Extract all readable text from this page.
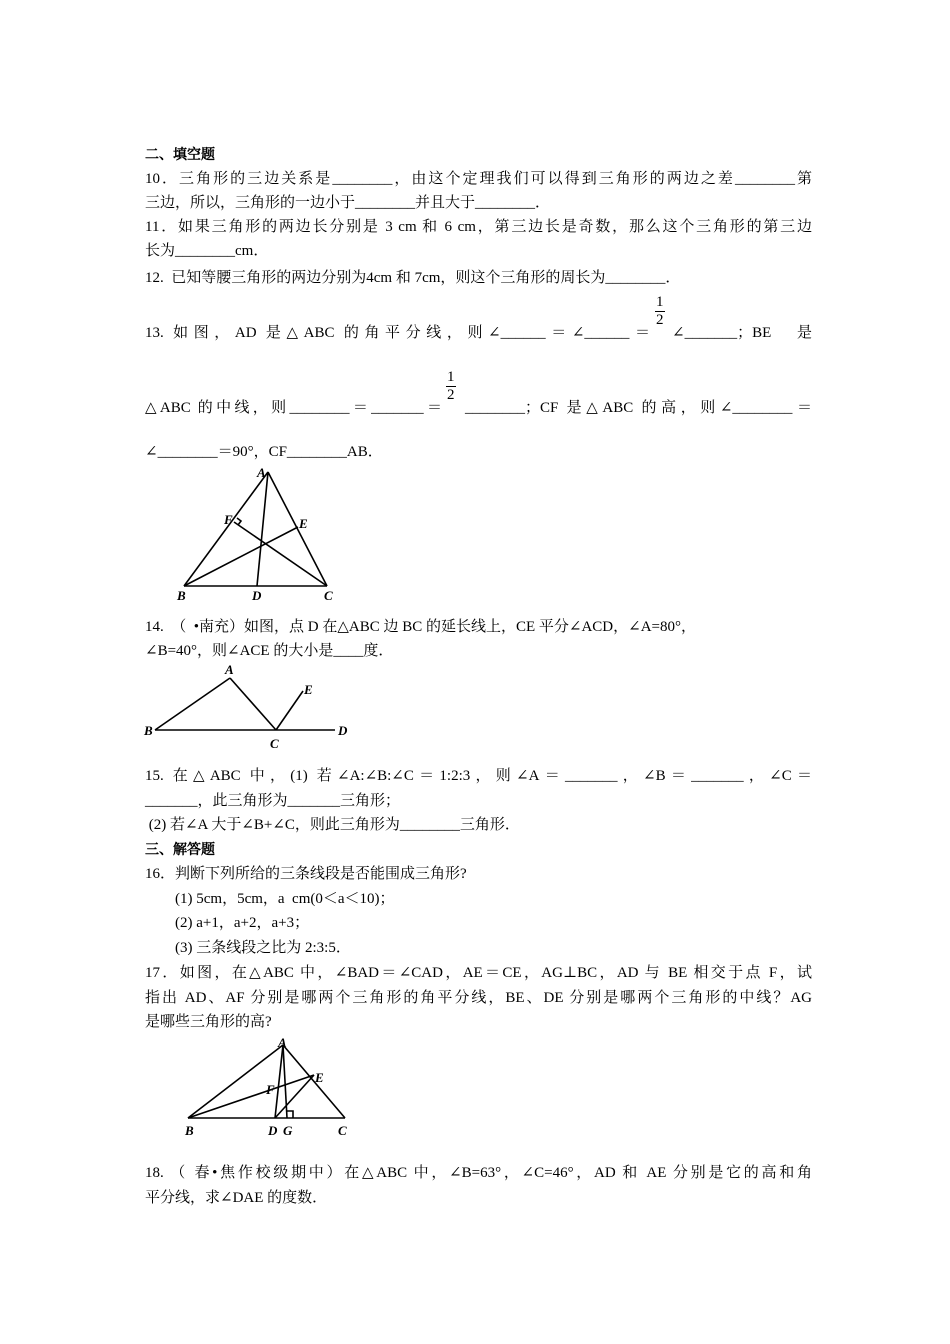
二、填空题
10．三角形的三边关系是________，由这个定理我们可以得到三角形的两边之差________第
三边，所以，三角形的一边小于________并且大于________．
11．如果三角形的两边长分别是 3 cm 和 6 cm，第三边长是奇数，那么这个三角形的第三边
长为________cm．
12.  已知等腰三角形的两边分别为4cm 和 7cm，则这个三角形的周长为________．
13. 如图，AD 是△ABC 的角平分线，则∠______＝∠______＝
$\frac{1}{2}$
∠_______；BE 是
△ABC 的中线，则________＝_______＝
$\frac{1}{2}$
________；CF 是△ABC 的高，则∠________＝
∠________＝90°，CF________AB．
A
F	E
B	D	C
14.  （  •南充）如图，点 D 在△ABC 边 BC 的延长线上，CE 平分∠ACD，∠A=80°，
∠B=40°，则∠ACE 的大小是____度．
A
B
C
D
E
15. 在△ABC 中，(1) 若∠A:∠B:∠C＝1:2:3，则∠A＝_______，∠B＝_______，∠C＝
_______，此三角形为_______三角形；
(2) 若∠A 大于∠B+∠C，则此三角形为________三角形．
三、解答题
16．判断下列所给的三条线段是否能围成三角形?
(1) 5cm，5cm，a  cm(0＜a＜10)；
(2) a+1，a+2，a+3；
(3) 三条线段之比为 2:3:5．
17．如图，在△ABC 中，∠BAD＝∠CAD，AE＝CE，AG⊥BC，AD 与 BE 相交于点 F，试
指出 AD、AF 分别是哪两个三角形的角平分线，BE、DE 分别是哪两个三角形的中线？AG
是哪些三角形的高?
A
F
E
B	D G	C
18. （ 春•焦作校级期中）在△ABC 中，∠B=63°，∠C=46°，AD 和 AE 分别是它的高和角
平分线，求∠DAE 的度数．
